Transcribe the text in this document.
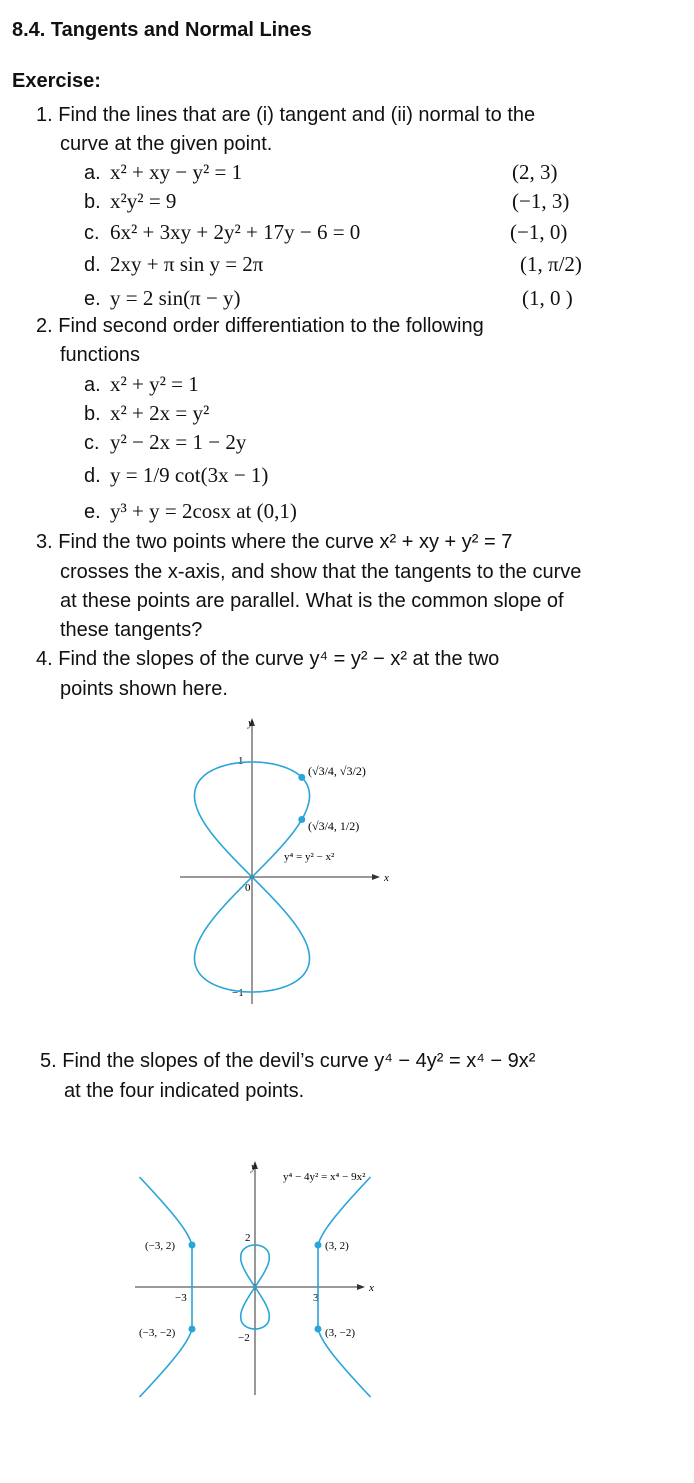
8.4. Tangents and Normal Lines
Exercise:
1. Find the lines that are (i) tangent and (ii) normal to the
curve at the given point.
a. x² + xy − y² = 1	(2, 3)
b. x²y² = 9	(−1, 3)
c. 6x² + 3xy + 2y² + 17y − 6 = 0	(−1, 0)
d. 2xy + π sin y = 2π	(1, π/2)
e. y = 2 sin(π − y)	(1, 0 )
2. Find second order differentiation to the following
functions
a. x² + y² = 1
b. x² + 2x = y²
c. y² − 2x = 1 − 2y
d. y = 1/9 cot(3x − 1)
e. y³ + y = 2cosx at (0,1)
3. Find the two points where the curve x² + xy + y² = 7
crosses the x-axis, and show that the tangents to the curve
at these points are parallel. What is the common slope of
these tangents?
4. Find the slopes of the curve y⁴ = y² − x² at the two
points shown here.
y
x
1
−1
0
(√3/4, √3/2)
(√3/4, 1/2)
y⁴ = y² − x²
5. Find the slopes of the devil’s curve y⁴ − 4y² = x⁴ − 9x²
at the four indicated points.
y
x
y⁴ − 4y² = x⁴ − 9x²
2
−2
−3	3
(−3, 2)	(3, 2)
(−3, −2)	(3, −2)
